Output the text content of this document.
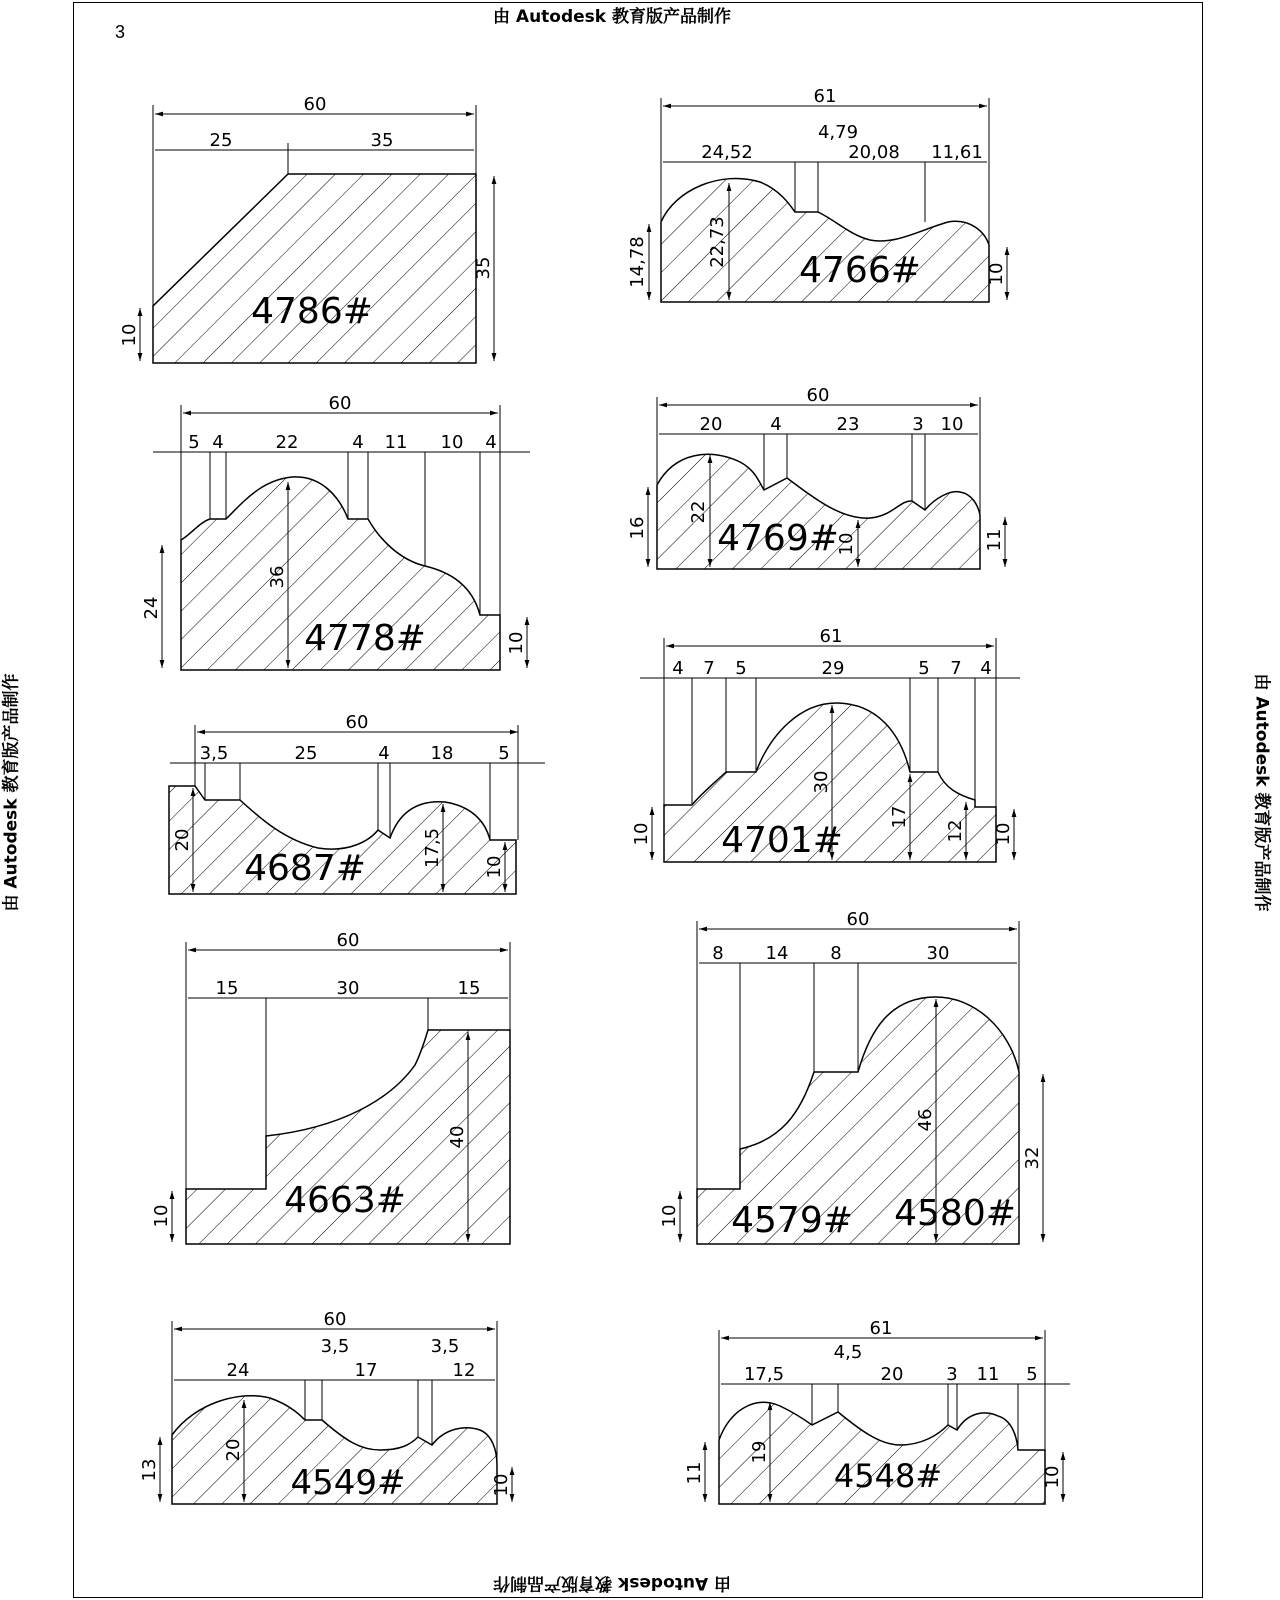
由 Autodesk 教育版产品制作
由 Autodesk 教育版产品制作
由 Autodesk 教育版产品制作	由 Autodesk 教育版产品制作
3
60
25	35
35
10
4786#
61
24,52
4,79
20,08 11,61
14,78	22,73
10
4766#
60
5 4	22	4 11 10 4
24
36
10
4778#
60
20	4	23	3 10
16
22
10	11
4769#
60
3,5	25	4 18 5
20	17,5 10
4687#
61
4 7 5	29	5 7 4
10
30
17
12 10
4701#
60
15	30	15
40
10	4663#
60
8 14 8	30
46
32
10 4579# 4580#
60
24
3,5
17
3,5
12
13
20
10
4549#
61
17,5
4,5
20 3 11 5
11
19
10
4548#
